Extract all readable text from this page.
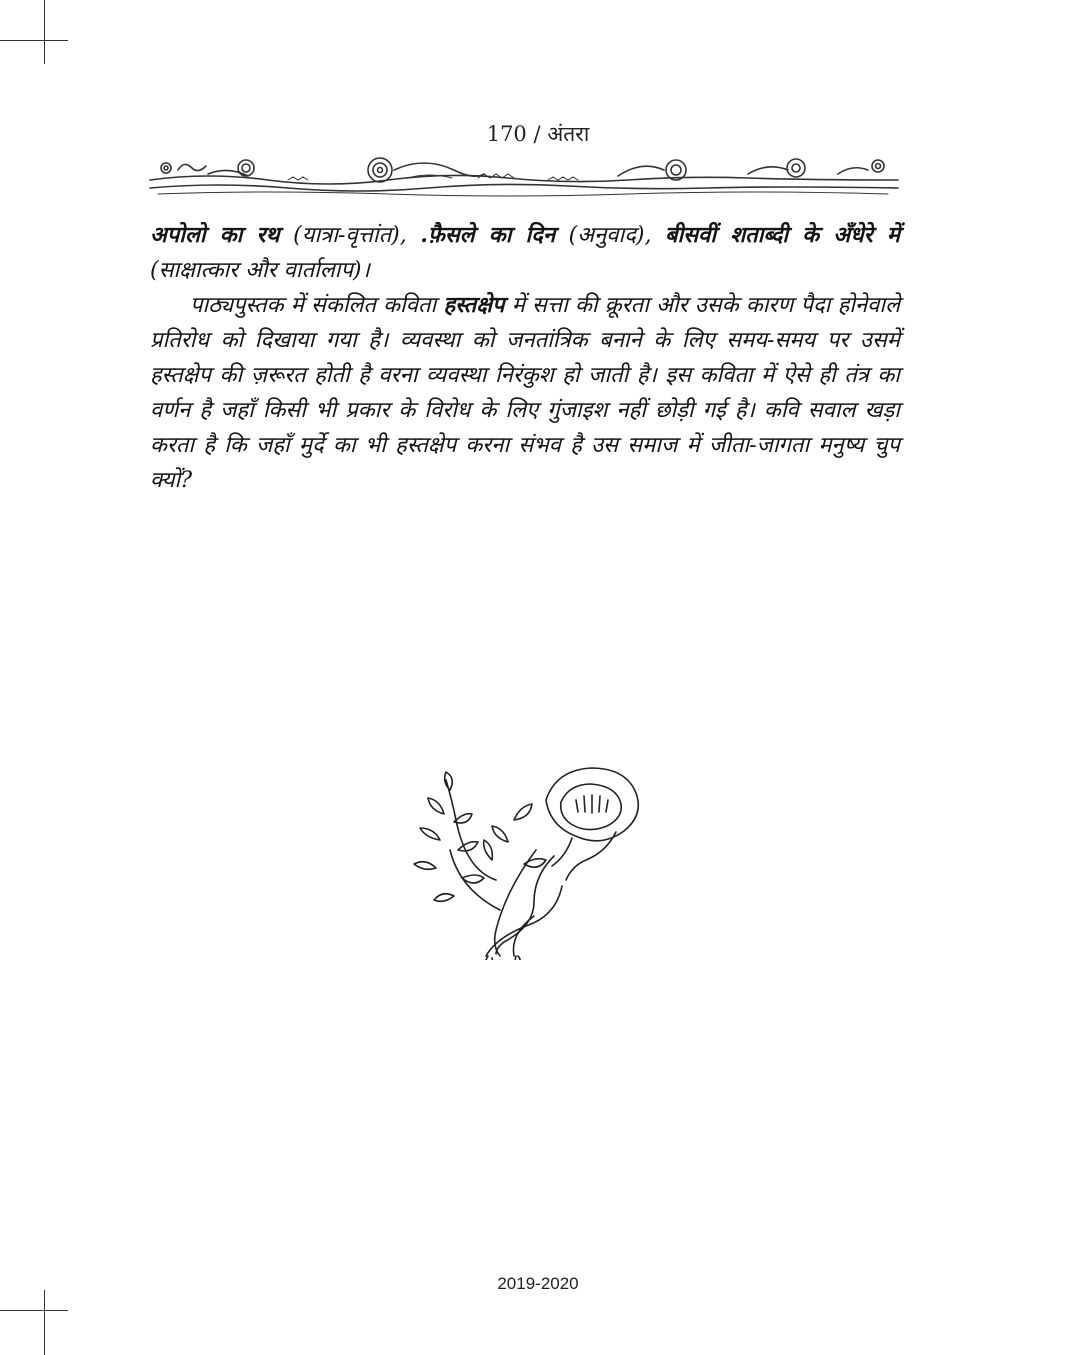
170 / अंतरा

अपोलो का रथ (यात्रा-वृत्तांत), .फ़ैसले का दिन (अनुवाद), बीसवीं शताब्दी के अँधेरे में (साक्षात्कार और वार्तालाप)।

पाठ्यपुस्तक में संकलित कविता हस्तक्षेप में सत्ता की क्रूरता और उसके कारण पैदा होनेवाले प्रतिरोध को दिखाया गया है। व्यवस्था को जनतांत्रिक बनाने के लिए समय-समय पर उसमें हस्तक्षेप की ज़रूरत होती है वरना व्यवस्था निरंकुश हो जाती है। इस कविता में ऐसे ही तंत्र का वर्णन है जहाँ किसी भी प्रकार के विरोध के लिए गुंजाइश नहीं छोड़ी गई है। कवि सवाल खड़ा करता है कि जहाँ मुर्दे का भी हस्तक्षेप करना संभव है उस समाज में जीता-जागता मनुष्य चुप क्यों?

2019-2020
